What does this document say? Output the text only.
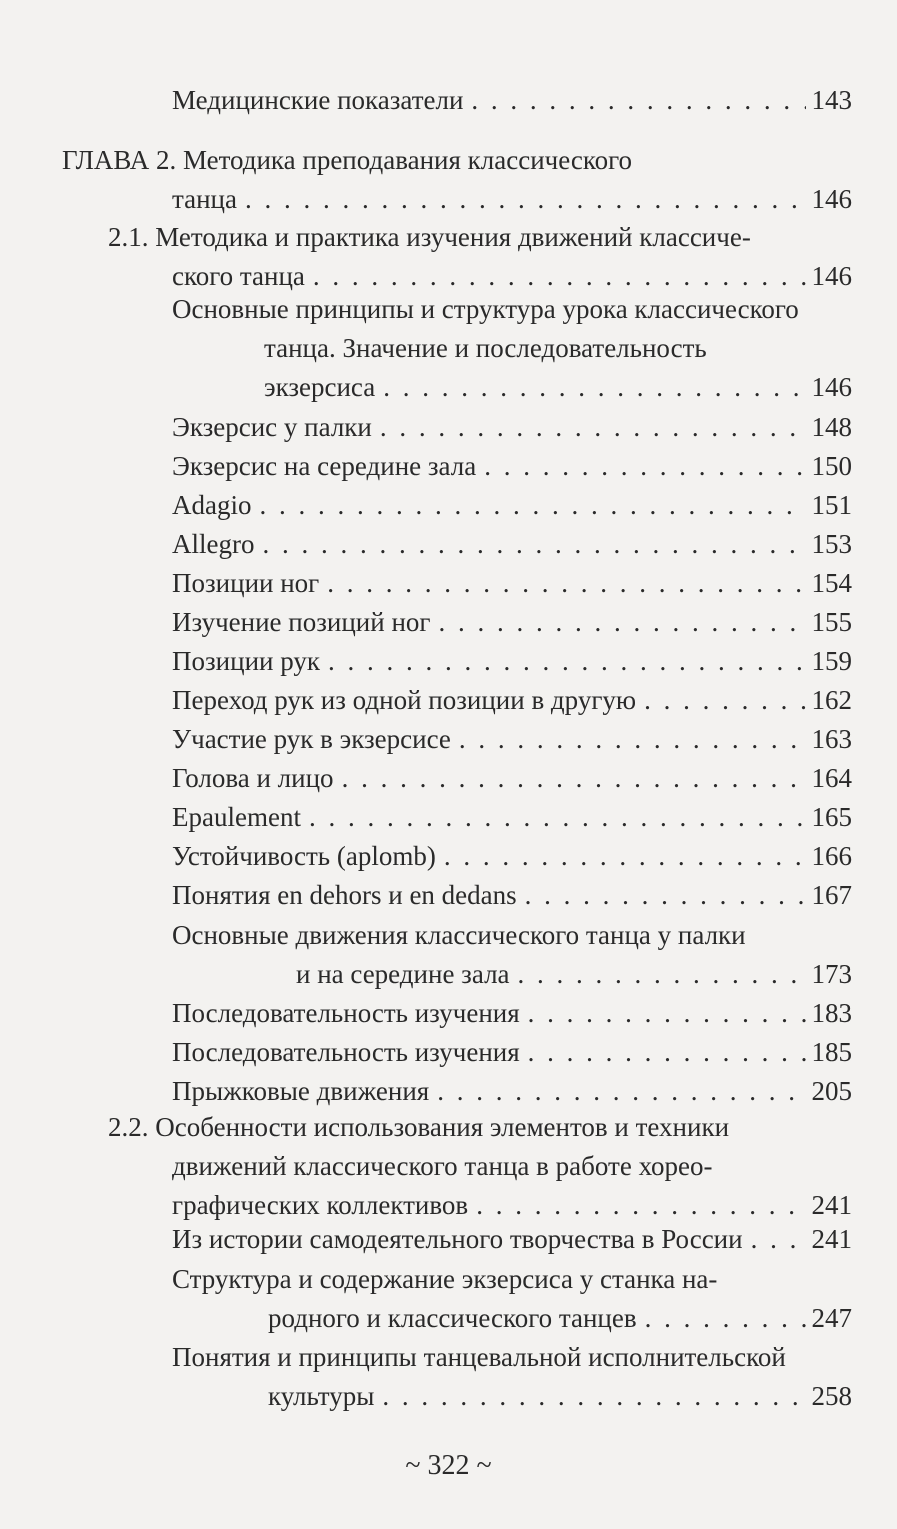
Медицинские показатели . . .	143
ГЛАВА 2. Методика преподавания классического
танца . . .	146
2.1. Методика и практика изучения движений классиче-
ского танца . . .	146
Основные принципы и структура урока классического
танца. Значение и последовательность
экзерсиса . . .	146
Экзерсис у палки . . .	148
Экзерсис на середине зала . . .	150
Adagio . . .	151
Allegro . . .	153
Позиции ног . . .	154
Изучение позиций ног . . .	155
Позиции рук . . .	159
Переход рук из одной позиции в другую . . .	162
Участие рук в экзерсисе . . .	163
Голова и лицо . . .	164
Epaulement . . .	165
Устойчивость (aplomb) . . .	166
Понятия en dehors и en dedans . . .	167
Основные движения классического танца у палки
и на середине зала . . .	173
Последовательность изучения . . .	183
Последовательность изучения . . .	185
Прыжковые движения . . .	205
2.2. Особенности использования элементов и техники
движений классического танца в работе хорео-
графических коллективов . . .	241
Из истории самодеятельного творчества в России . . .	241
Структура и содержание экзерсиса у станка на-
родного и классического танцев . . .	247
Понятия и принципы танцевальной исполнительской
культуры . . .	258
~ 322 ~
